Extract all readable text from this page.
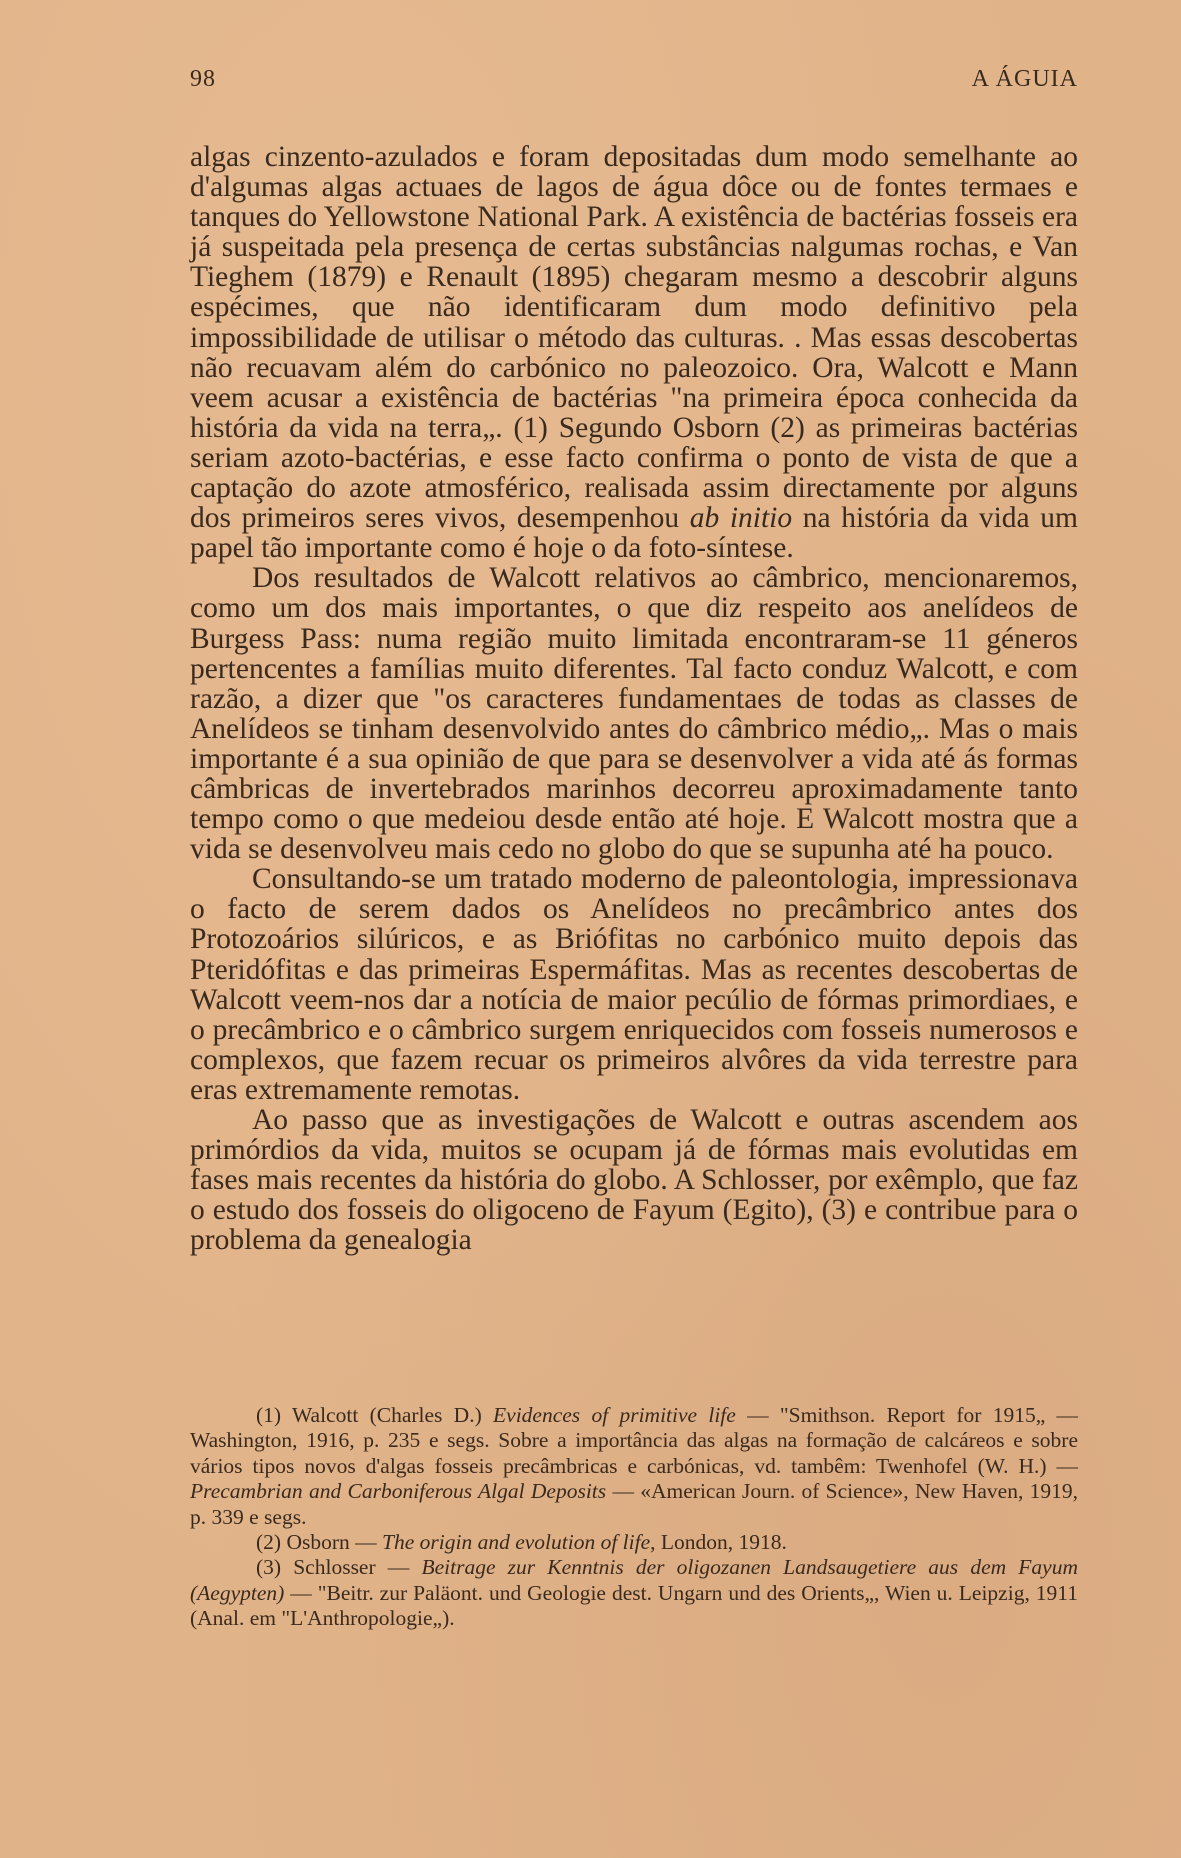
98	A ÁGUIA

algas cinzento-azulados e foram depositadas dum modo semelhante ao d'algumas algas actuaes de lagos de água dôce ou de fontes termaes e tanques do Yellowstone National Park. A existência de bactérias fosseis era já suspeitada pela presença de certas substâncias nalgumas rochas, e Van Tieghem (1879) e Renault (1895) chegaram mesmo a descobrir alguns espécimes, que não identificaram dum modo definitivo pela impossibilidade de utilisar o método das culturas. . Mas essas descobertas não recuavam além do carbónico no paleozoico. Ora, Walcott e Mann veem acusar a existência de bactérias "na primeira época conhecida da história da vida na terra„. (1) Segundo Osborn (2) as primeiras bactérias seriam azoto-bactérias, e esse facto confirma o ponto de vista de que a captação do azote atmosférico, realisada assim directamente por alguns dos primeiros seres vivos, desempenhou ab initio na história da vida um papel tão importante como é hoje o da foto-síntese.

Dos resultados de Walcott relativos ao câmbrico, mencionaremos, como um dos mais importantes, o que diz respeito aos anelídeos de Burgess Pass: numa região muito limitada encontraram-se 11 géneros pertencentes a famílias muito diferentes. Tal facto conduz Walcott, e com razão, a dizer que "os caracteres fundamentaes de todas as classes de Anelídeos se tinham desenvolvido antes do câmbrico médio„. Mas o mais importante é a sua opinião de que para se desenvolver a vida até ás formas câmbricas de invertebrados marinhos decorreu aproximadamente tanto tempo como o que medeiou desde então até hoje. E Walcott mostra que a vida se desenvolveu mais cedo no globo do que se supunha até ha pouco.

Consultando-se um tratado moderno de paleontologia, impressionava o facto de serem dados os Anelídeos no precâmbrico antes dos Protozoários silúricos, e as Briófitas no carbónico muito depois das Pteridófitas e das primeiras Espermáfitas. Mas as recentes descobertas de Walcott veem-nos dar a notícia de maior pecúlio de fórmas primordiaes, e o precâmbrico e o câmbrico surgem enriquecidos com fosseis numerosos e complexos, que fazem recuar os primeiros alvôres da vida terrestre para eras extremamente remotas.

Ao passo que as investigações de Walcott e outras ascendem aos primórdios da vida, muitos se ocupam já de fórmas mais evolutidas em fases mais recentes da história do globo. A Schlosser, por exêmplo, que faz o estudo dos fosseis do oligoceno de Fayum (Egito), (3) e contribue para o problema da genealogia

(1) Walcott (Charles D.) Evidences of primitive life — "Smithson. Report for 1915„ — Washington, 1916, p. 235 e segs. Sobre a importância das algas na formação de calcáreos e sobre vários tipos novos d'algas fosseis precâmbricas e carbónicas, vd. tambêm: Twenhofel (W. H.) — Precambrian and Carboniferous Algal Deposits — «American Journ. of Science», New Haven, 1919, p. 339 e segs.

(2) Osborn — The origin and evolution of life, London, 1918.

(3) Schlosser — Beitrage zur Kenntnis der oligozanen Landsaugetiere aus dem Fayum (Aegypten) — "Beitr. zur Paläont. und Geologie dest. Ungarn und des Orients„, Wien u. Leipzig, 1911 (Anal. em "L'Anthropologie„).
